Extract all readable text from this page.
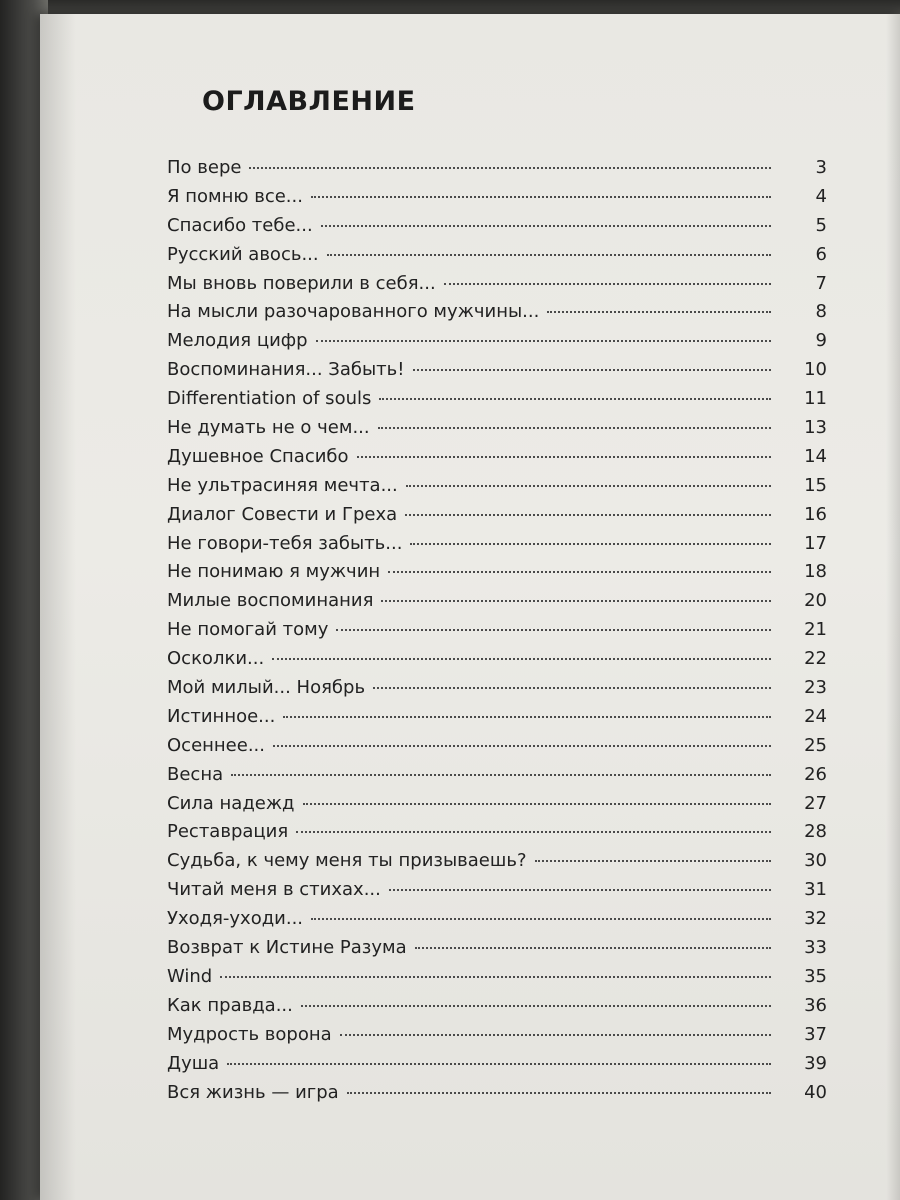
ОГЛАВЛЕНИЕ
По вере	3
Я помню все...	4
Спасибо тебе...	5
Русский авось...	6
Мы вновь поверили в себя...	7
На мысли разочарованного мужчины...	8
Мелодия цифр	9
Воспоминания... Забыть!	10
Differentiation of souls	11
Не думать не о чем...	13
Душевное Спасибо	14
Не ультрасиняя мечта...	15
Диалог Совести и Греха	16
Не говори-тебя забыть...	17
Не понимаю я мужчин	18
Милые воспоминания	20
Не помогай тому	21
Осколки...	22
Мой милый... Ноябрь	23
Истинное...	24
Осеннее...	25
Весна	26
Сила надежд	27
Реставрация	28
Судьба, к чему меня ты призываешь?	30
Читай меня в стихах...	31
Уходя-уходи...	32
Возврат к Истине Разума	33
Wind	35
Как правда...	36
Мудрость ворона	37
Душа	39
Вся жизнь — игра	40
